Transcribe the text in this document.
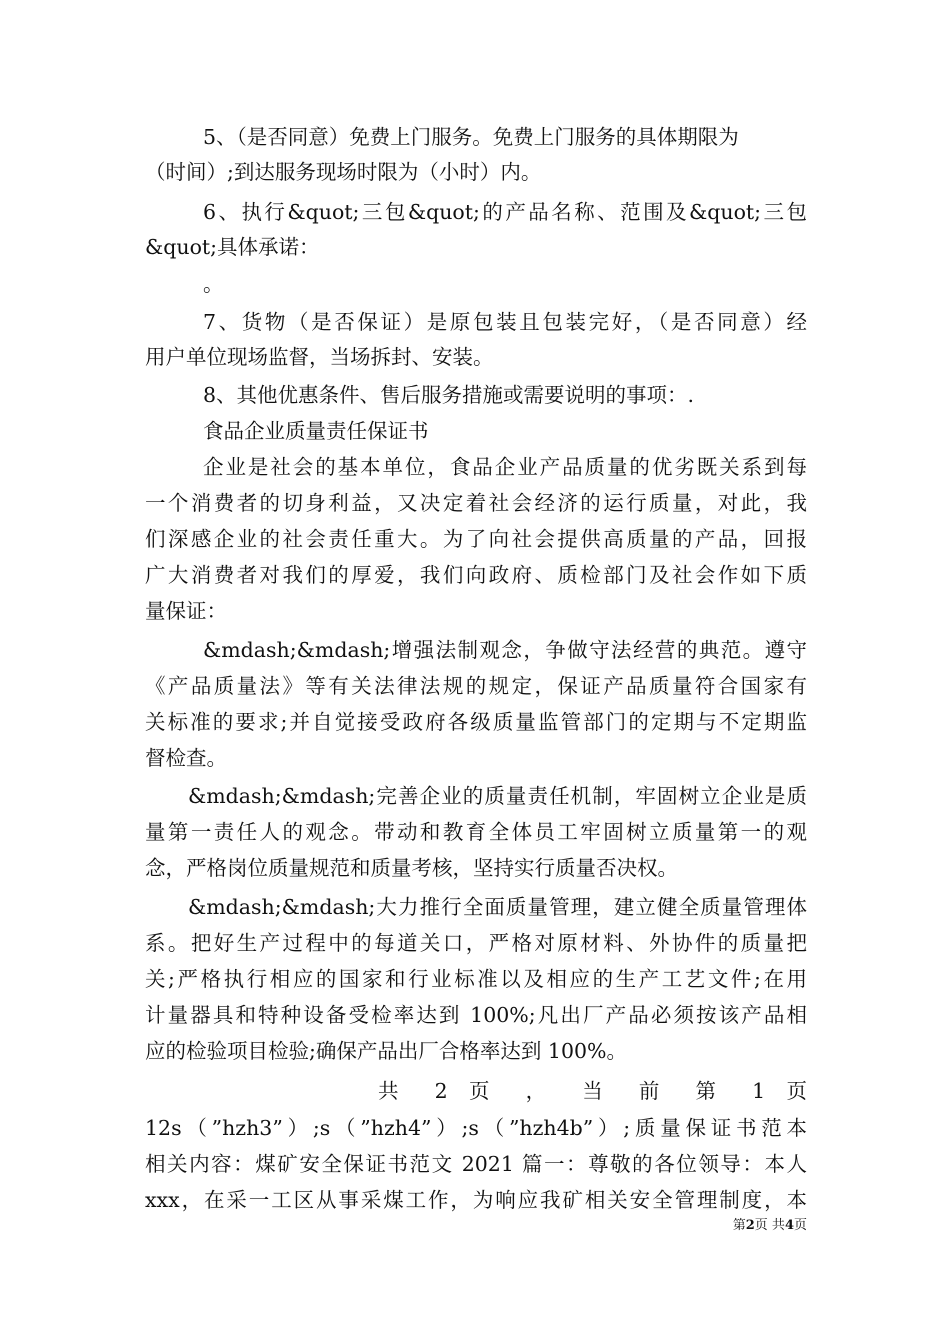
5、（是否同意）免费上门服务。免费上门服务的具体期限为
（时间）;到达服务现场时限为（小时）内。
6、执行&quot;三包&quot;的产品名称、范围及&quot;三包
&quot;具体承诺：
。
7、货物（是否保证）是原包装且包装完好，（是否同意）经
用户单位现场监督，当场拆封、安装。
8、其他优惠条件、售后服务措施或需要说明的事项：.
食品企业质量责任保证书
企业是社会的基本单位，食品企业产品质量的优劣既关系到每
一个消费者的切身利益，又决定着社会经济的运行质量，对此，我
们深感企业的社会责任重大。为了向社会提供高质量的产品，回报
广大消费者对我们的厚爱，我们向政府、质检部门及社会作如下质
量保证：
&mdash;&mdash;增强法制观念，争做守法经营的典范。遵守
《产品质量法》等有关法律法规的规定，保证产品质量符合国家有
关标准的要求;并自觉接受政府各级质量监管部门的定期与不定期监
督检查。
&mdash;&mdash;完善企业的质量责任机制，牢固树立企业是质
量第一责任人的观念。带动和教育全体员工牢固树立质量第一的观
念，严格岗位质量规范和质量考核，坚持实行质量否决权。
&mdash;&mdash;大力推行全面质量管理，建立健全质量管理体
系。把好生产过程中的每道关口，严格对原材料、外协件的质量把
关;严格执行相应的国家和行业标准以及相应的生产工艺文件;在用
计量器具和特种设备受检率达到 100%;凡出厂产品必须按该产品相
应的检验项目检验;确保产品出厂合格率达到 100%。
共 2 页 ， 当 前 第 1 页
12s（”hzh3”）;s（”hzh4”）;s（”hzh4b”）;质量保证书范本
相关内容：煤矿安全保证书范文 2021 篇一：尊敬的各位领导：本人
xxx，在采一工区从事采煤工作，为响应我矿相关安全管理制度，本
第2页 共4页
